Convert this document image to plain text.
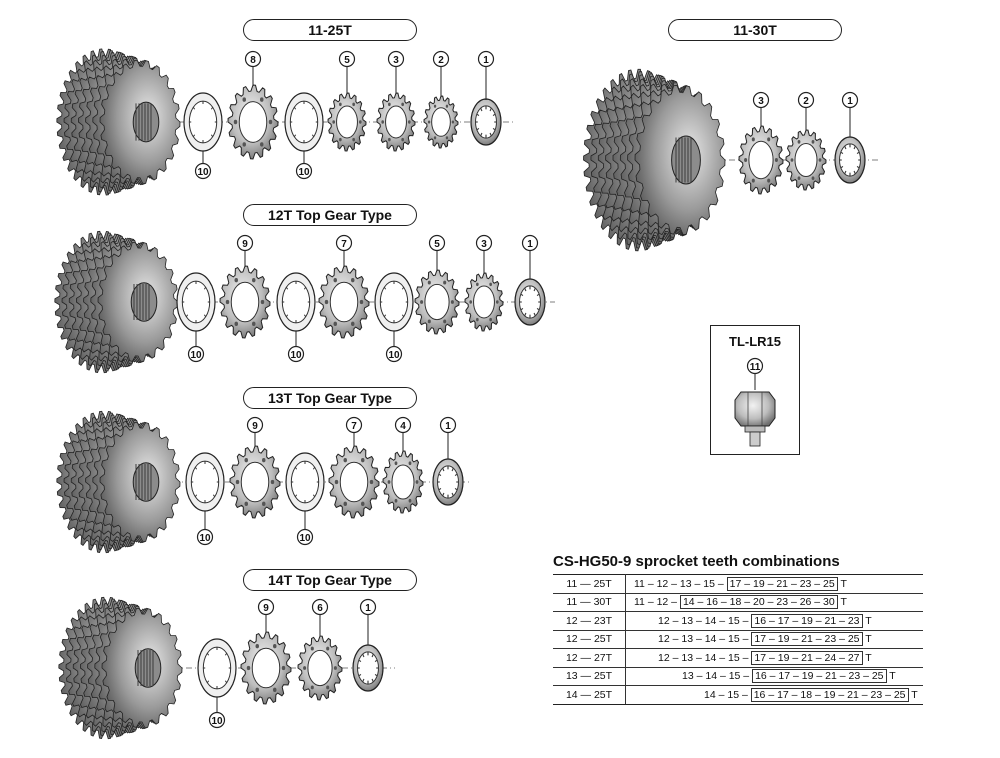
10
8
10
5	3	2	1
10
9
10
7
10
5	3	1
10
9
10
7	4	1
10
9	6	1
3	2	1
11
11-25T
12T Top Gear Type
13T Top Gear Type
14T Top Gear Type
11-30T
TL-LR15
CS-HG50-9 sprocket teeth combinations
11 — 25T	11 – 12 – 13 – 15 – 17 – 19 – 21 – 23 – 25 T
11 — 30T	11 – 12 – 14 – 16 – 18 – 20 – 23 – 26 – 30 T
12 — 23T	12 – 13 – 14 – 15 – 16 – 17 – 19 – 21 – 23 T
12 — 25T	12 – 13 – 14 – 15 – 17 – 19 – 21 – 23 – 25 T
12 — 27T	12 – 13 – 14 – 15 – 17 – 19 – 21 – 24 – 27 T
13 — 25T	13 – 14 – 15 – 16 – 17 – 19 – 21 – 23 – 25 T
14 — 25T	14 – 15 – 16 – 17 – 18 – 19 – 21 – 23 – 25 T
